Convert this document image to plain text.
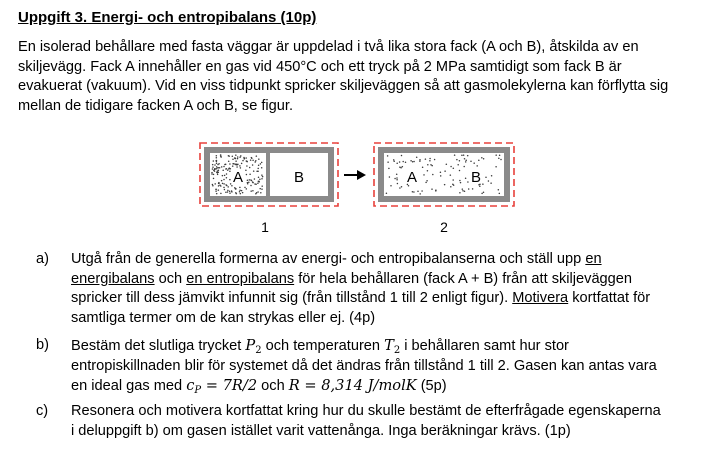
Uppgift 3. Energi- och entropibalans (10p)

En isolerad behållare med fasta väggar är uppdelad i två lika stora fack (A och B), åtskilda av en
skiljevägg. Fack A innehåller en gas vid 450°C och ett tryck på 2 MPa samtidigt som fack B är
evakuerat (vakuum). Vid en viss tidpunkt spricker skiljeväggen så att gasmolekylerna kan förflytta sig
mellan de tidigare facken A och B, se figur.

A	B
1
A	B
2
a) Utgå från de generella formerna av energi- och entropibalanserna och ställ upp en
energibalans och en entropibalans för hela behållaren (fack A + B) från att skiljeväggen
spricker till dess jämvikt infunnit sig (från tillstånd 1 till 2 enligt figur). Motivera kortfattat för
samtliga termer om de kan strykas eller ej. (4p)
b) Bestäm det slutliga trycket $P_2$ och temperaturen $T_2$ i behållaren samt hur stor
entropiskillnaden blir för systemet då det ändras från tillstånd 1 till 2. Gasen kan antas vara
en ideal gas med $c_P = 7R/2$ och R = 8,314 J/molK (5p)
c) Resonera och motivera kortfattat kring hur du skulle bestämt de efterfrågade egenskaperna
i deluppgift b) om gasen istället varit vattenånga. Inga beräkningar krävs. (1p)
